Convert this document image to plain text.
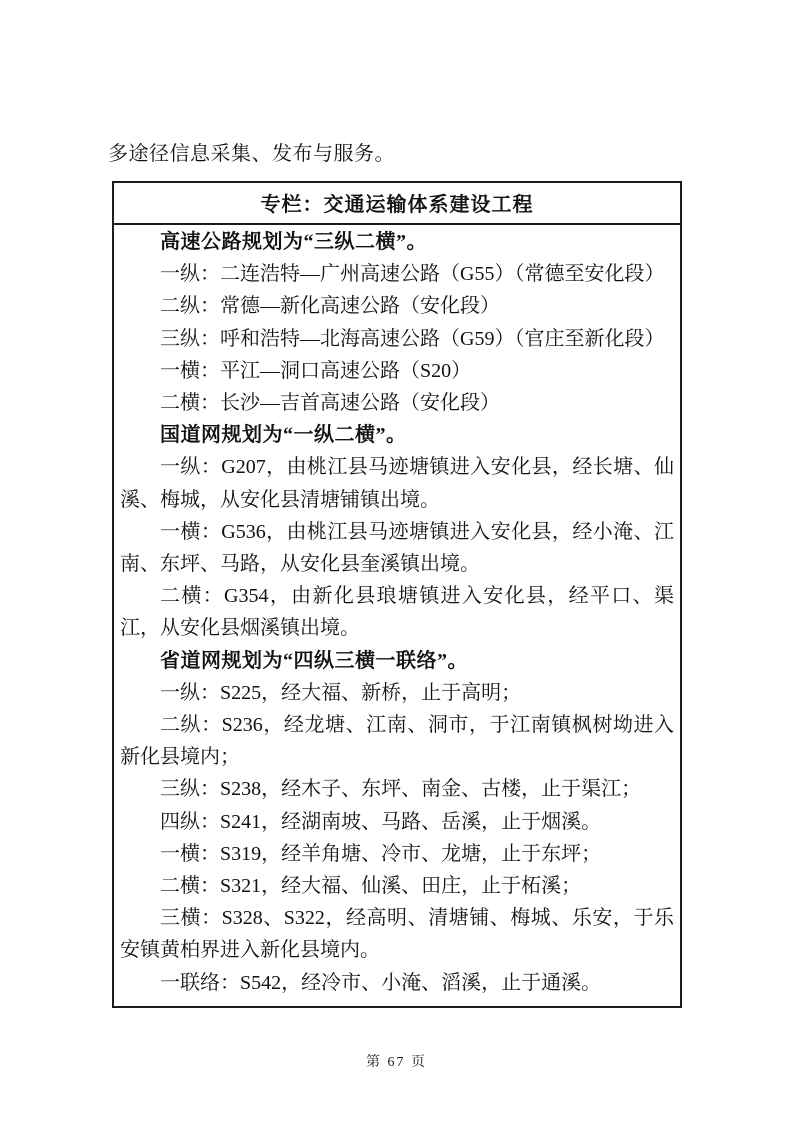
多途径信息采集、发布与服务。
专栏：交通运输体系建设工程

高速公路规划为“三纵二横”。

一纵：二连浩特—广州高速公路（G55）（常德至安化段）

二纵：常德—新化高速公路（安化段）

三纵：呼和浩特—北海高速公路（G59）（官庄至新化段）

一横：平江—洞口高速公路（S20）

二横：长沙—吉首高速公路（安化段）

国道网规划为“一纵二横”。

一纵：G207，由桃江县马迹塘镇进入安化县，经长塘、仙溪、梅城，从安化县清塘铺镇出境。

一横：G536，由桃江县马迹塘镇进入安化县，经小淹、江南、东坪、马路，从安化县奎溪镇出境。

二横：G354，由新化县琅塘镇进入安化县，经平口、渠江，从安化县烟溪镇出境。

省道网规划为“四纵三横一联络”。

一纵：S225，经大福、新桥，止于高明；

二纵：S236，经龙塘、江南、洞市，于江南镇枫树坳进入新化县境内；

三纵：S238，经木子、东坪、南金、古楼，止于渠江；

四纵：S241，经湖南坡、马路、岳溪，止于烟溪。

一横：S319，经羊角塘、冷市、龙塘，止于东坪；

二横：S321，经大福、仙溪、田庄，止于柘溪；

三横：S328、S322，经高明、清塘铺、梅城、乐安，于乐安镇黄柏界进入新化县境内。

一联络：S542，经冷市、小淹、滔溪，止于通溪。

第 67 页
